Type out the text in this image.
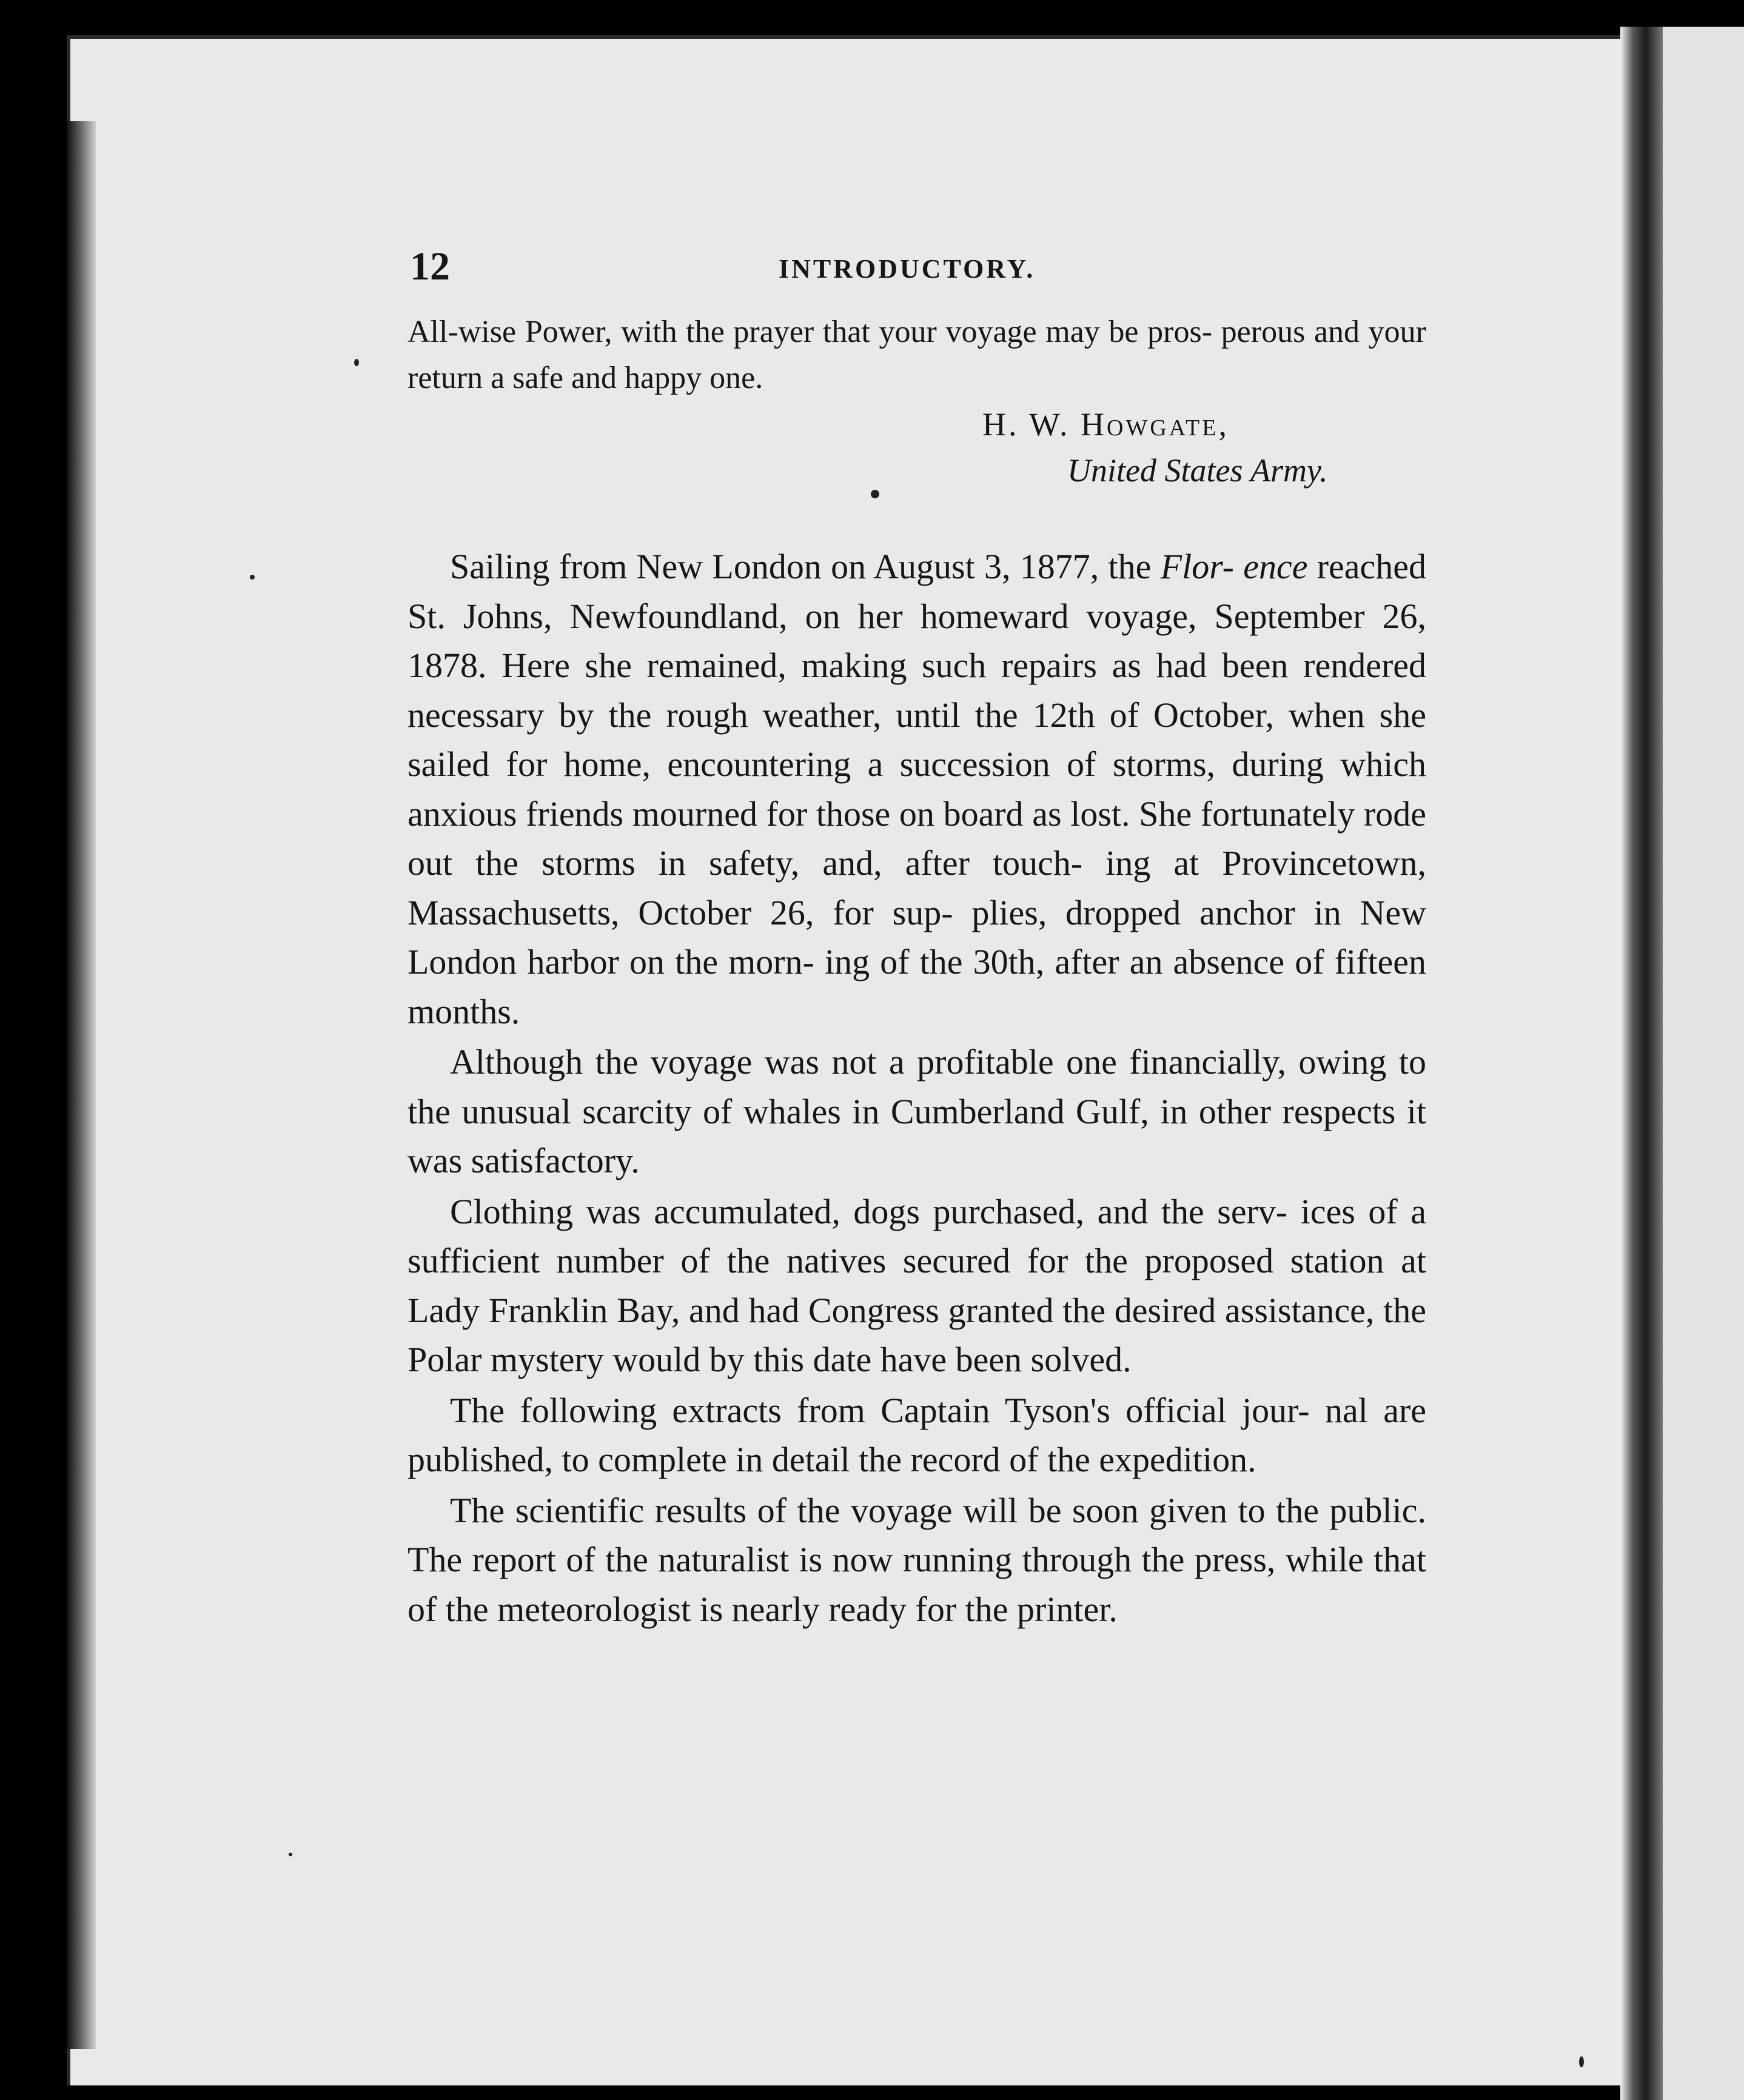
12	INTRODUCTORY.

All-wise Power, with the prayer that your voyage may be pros- perous and your return a safe and happy one.

H. W. Howgate,
United States Army.

Sailing from New London on August 3, 1877, the Flor- ence reached St. Johns, Newfoundland, on her homeward voyage, September 26, 1878. Here she remained, making such repairs as had been rendered necessary by the rough weather, until the 12th of October, when she sailed for home, encountering a succession of storms, during which anxious friends mourned for those on board as lost. She fortunately rode out the storms in safety, and, after touch- ing at Provincetown, Massachusetts, October 26, for sup- plies, dropped anchor in New London harbor on the morn- ing of the 30th, after an absence of fifteen months.

Although the voyage was not a profitable one financially, owing to the unusual scarcity of whales in Cumberland Gulf, in other respects it was satisfactory.

Clothing was accumulated, dogs purchased, and the serv- ices of a sufficient number of the natives secured for the proposed station at Lady Franklin Bay, and had Congress granted the desired assistance, the Polar mystery would by this date have been solved.

The following extracts from Captain Tyson's official jour- nal are published, to complete in detail the record of the expedition.

The scientific results of the voyage will be soon given to the public. The report of the naturalist is now running through the press, while that of the meteorologist is nearly ready for the printer.
